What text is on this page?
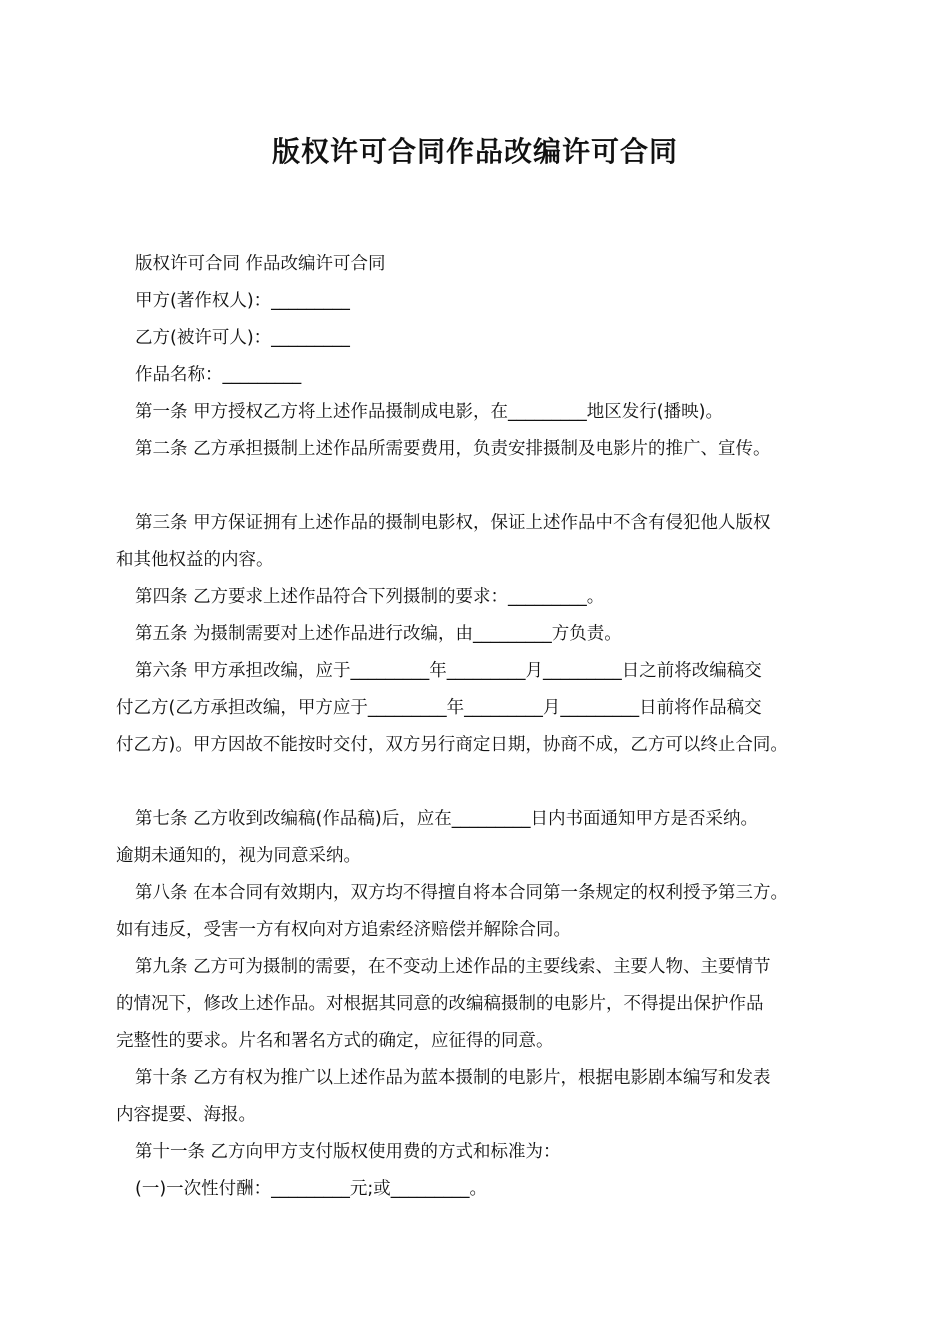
版权许可合同作品改编许可合同

版权许可合同 作品改编许可合同

甲方(著作权人)：_________

乙方(被许可人)：_________

作品名称：_________

第一条 甲方授权乙方将上述作品摄制成电影，在_________地区发行(播映)。

第二条 乙方承担摄制上述作品所需要费用，负责安排摄制及电影片的推广、宣传。

第三条 甲方保证拥有上述作品的摄制电影权，保证上述作品中不含有侵犯他人版权
和其他权益的内容。

第四条 乙方要求上述作品符合下列摄制的要求：_________。

第五条 为摄制需要对上述作品进行改编，由_________方负责。

第六条 甲方承担改编，应于_________年_________月_________日之前将改编稿交
付乙方(乙方承担改编，甲方应于_________年_________月_________日前将作品稿交
付乙方)。甲方因故不能按时交付，双方另行商定日期，协商不成，乙方可以终止合同。

第七条 乙方收到改编稿(作品稿)后，应在_________日内书面通知甲方是否采纳。
逾期未通知的，视为同意采纳。

第八条 在本合同有效期内，双方均不得擅自将本合同第一条规定的权利授予第三方。
如有违反，受害一方有权向对方追索经济赔偿并解除合同。

第九条 乙方可为摄制的需要，在不变动上述作品的主要线索、主要人物、主要情节
的情况下，修改上述作品。对根据其同意的改编稿摄制的电影片，不得提出保护作品
完整性的要求。片名和署名方式的确定，应征得的同意。

第十条 乙方有权为推广以上述作品为蓝本摄制的电影片，根据电影剧本编写和发表
内容提要、海报。

第十一条 乙方向甲方支付版权使用费的方式和标准为：

(一)一次性付酬：_________元;或_________。
